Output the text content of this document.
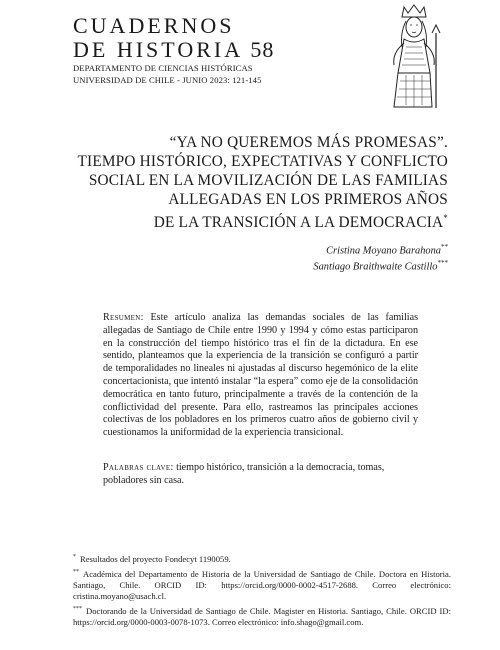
CUADERNOS
DE HISTORIA 58
DEPARTAMENTO DE CIENCIAS HISTÓRICAS
UNIVERSIDAD DE CHILE - JUNIO 2023: 121-145
“YA NO QUEREMOS MÁS PROMESAS”.
TIEMPO HISTÓRICO, EXPECTATIVAS Y CONFLICTO
SOCIAL EN LA MOVILIZACIÓN DE LAS FAMILIAS
ALLEGADAS EN LOS PRIMEROS AÑOS
DE LA TRANSICIÓN A LA DEMOCRACIA*
Cristina Moyano Barahona**
Santiago Braithwaite Castillo***
Resumen: Este artículo analiza las demandas sociales de las familias allegadas de Santiago de Chile entre 1990 y 1994 y cómo estas participaron en la construcción del tiempo histórico tras el fin de la dictadura. En ese sentido, planteamos que la experiencia de la transición se configuró a partir de temporalidades no lineales ni ajustadas al discurso hegemónico de la elite concertacionista, que intentó instalar “la espera” como eje de la consolidación democrática en tanto futuro, principalmente a través de la contención de la conflictividad del presente. Para ello, rastreamos las principales acciones colectivas de los pobladores en los primeros cuatro años de gobierno civil y cuestionamos la uniformidad de la experiencia transicional.
Palabras clave: tiempo histórico, transición a la democracia, tomas, pobladores sin casa.

* Resultados del proyecto Fondecyt 1190059.

** Académica del Departamento de Historia de la Universidad de Santiago de Chile. Doctora en Historia. Santiago, Chile. ORCID ID: https://orcid.org/0000-0002-4517-2688. Correo electrónico: cristina.moyano@usach.cl.

*** Doctorando de la Universidad de Santiago de Chile. Magister en Historia. Santiago, Chile. ORCID ID: https://orcid.org/0000-0003-0078-1073. Correo electrónico: info.shago@gmail.com.
